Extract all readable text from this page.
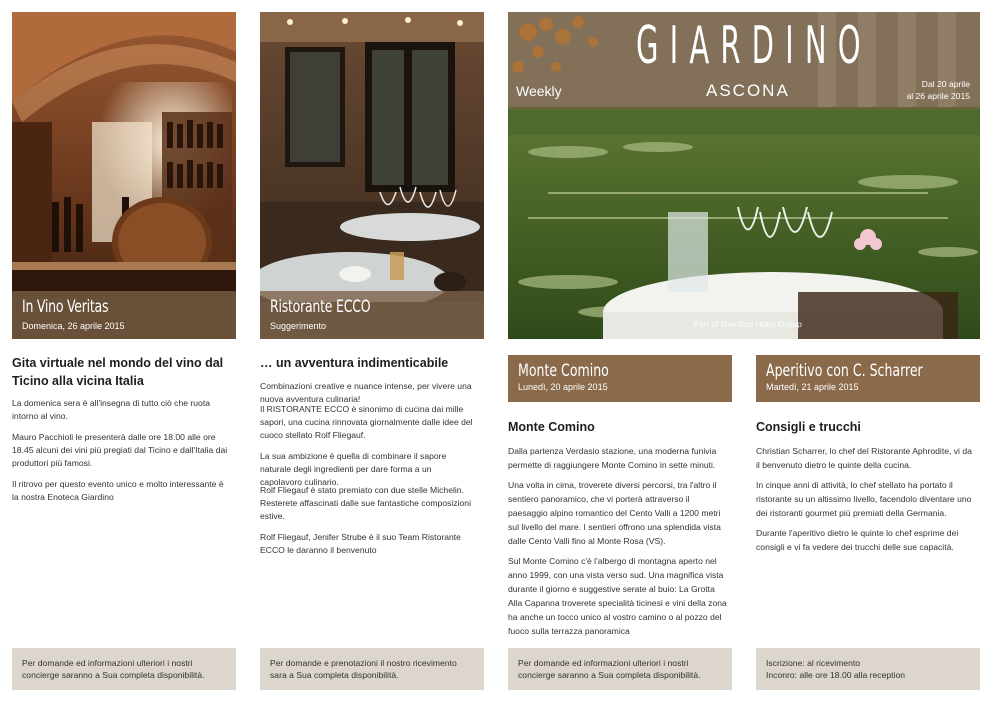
In Vino Veritas
Domenica, 26 aprile 2015
Gita virtuale nel mondo del vino dal Ticino alla vicina Italia
La domenica sera è all'insegna di tutto ciò che ruota intorno al vino.
Mauro Pacchioli le presenterà dalle ore 18.00 alle ore 18.45 alcuni dei vini più pregiati dal Ticino e dall'Italia dai produttori più famosi.
Il ritrovo per questo evento unico e molto interessante è la nostra Enoteca Giardino
Per domande ed informazioni ulteriori i nostri concierge saranno a Sua completa disponibilità.
Ristorante ECCO
Suggerimento
… un avventura indimenticabile
Combinazioni creative e nuance intense, per vivere una nuova avventura culinaria!
Il RISTORANTE ECCO è sinonimo di cucina dai mille sapori, una cucina rinnovata giornalmente dalle idee del cuoco stellato Rolf Fliegauf.
La sua ambizione è quella di combinare il sapore naturale degli ingredienti per dare forma a un capolavoro culinario.
Rolf Fliegauf è stato premiato con due stelle Michelin. Resterete affascinati dalle sue fantastiche composizioni estive.
Rolf Fliegauf, Jenifer Strube è il suo Team Ristorante ECCO le daranno il benvenuto
Per domande e prenotazioni il nostro ricevimento sara a Sua completa disponibilità.
GIARDINO
Weekly	ASCONA	Dal 20 aprile
al 26 aprile 2015
Part of Giardino Hotel Group
Monte Comino
Lunedì, 20 aprile 2015
Monte Comino
Dalla partenza Verdasio stazione, una moderna funivia permette di raggiungere Monte Comino in sette minuti.
Una volta in cima, troverete diversi percorsi, tra l'altro il sentiero panoramico, che vi porterà attraverso il paesaggio alpino romantico del Cento Valli a 1200 metri sul livello del mare. I sentieri offrono una splendida vista dalle Cento Valli fino al Monte Rosa (VS).
Sul Monte Comino c'è l'albergo di montagna aperto nel anno 1999, con una vista verso sud. Una magnifica vista durante il giorno e suggestive serate al buio: La Grotta Alla Capanna troverete specialità ticinesi e vini della zona ha anche un tocco unico al vostro camino o al pozzo del fuoco sulla terrazza panoramica
Per domande ed informazioni ulteriori i nostri concierge saranno a Sua completa disponibilità.
Aperitivo con C. Scharrer
Martedì, 21 aprile 2015
Consigli e trucchi
Christian Scharrer, lo chef del Ristorante Aphrodite, vi da il benvenuto dietro le quinte della cucina.
In cinque anni di attività, lo chef stellato ha portato il ristorante su un altissimo livello, facendolo diventare uno dei ristoranti gourmet più premiati della Germania.
Durante l'aperitivo dietro le quinte lo chef esprime dei consigli e vi fa vedere dei trucchi delle sue capacità.
Iscrizione: al ricevimento
Inconro: alle ore 18.00 alla reception
